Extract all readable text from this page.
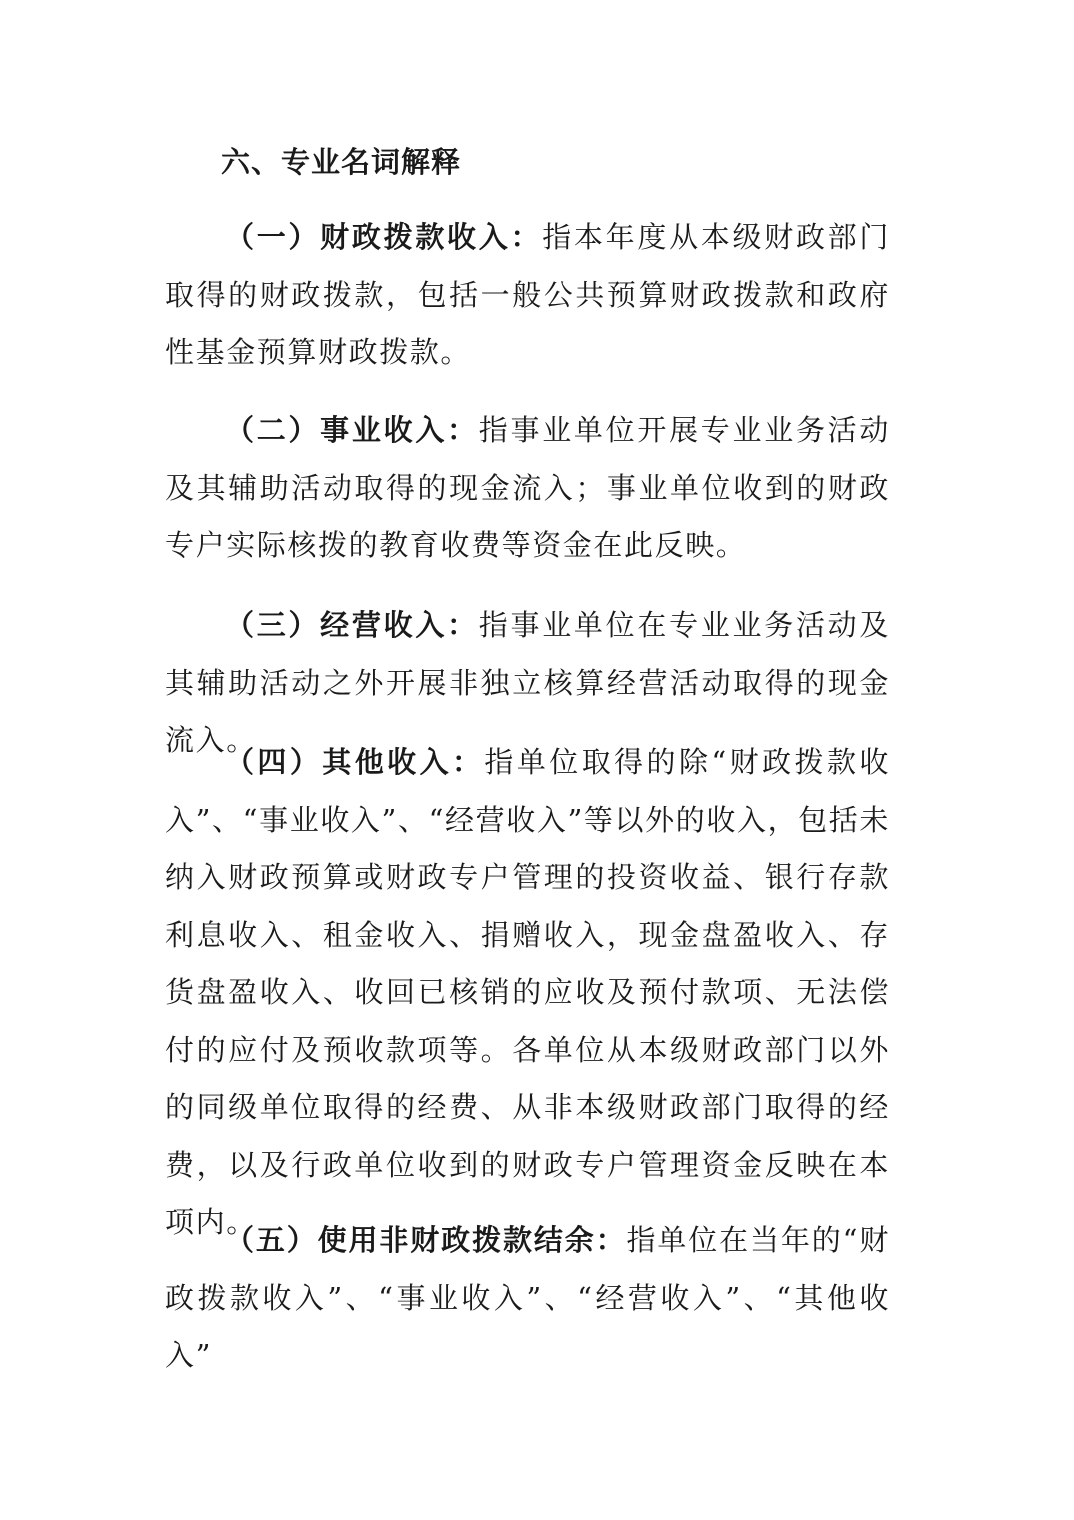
六、专业名词解释

（一）财政拨款收入：指本年度从本级财政部门取得的财政拨款，包括一般公共预算财政拨款和政府性基金预算财政拨款。

（二）事业收入：指事业单位开展专业业务活动及其辅助活动取得的现金流入；事业单位收到的财政专户实际核拨的教育收费等资金在此反映。

（三）经营收入：指事业单位在专业业务活动及其辅助活动之外开展非独立核算经营活动取得的现金流入。

（四）其他收入：指单位取得的除“财政拨款收入”、“事业收入”、“经营收入”等以外的收入，包括未纳入财政预算或财政专户管理的投资收益、银行存款利息收入、租金收入、捐赠收入，现金盘盈收入、存货盘盈收入、收回已核销的应收及预付款项、无法偿付的应付及预收款项等。各单位从本级财政部门以外的同级单位取得的经费、从非本级财政部门取得的经费，以及行政单位收到的财政专户管理资金反映在本项内。

（五）使用非财政拨款结余：指单位在当年的“财政拨款收入”、“事业收入”、“经营收入”、“其他收入”
